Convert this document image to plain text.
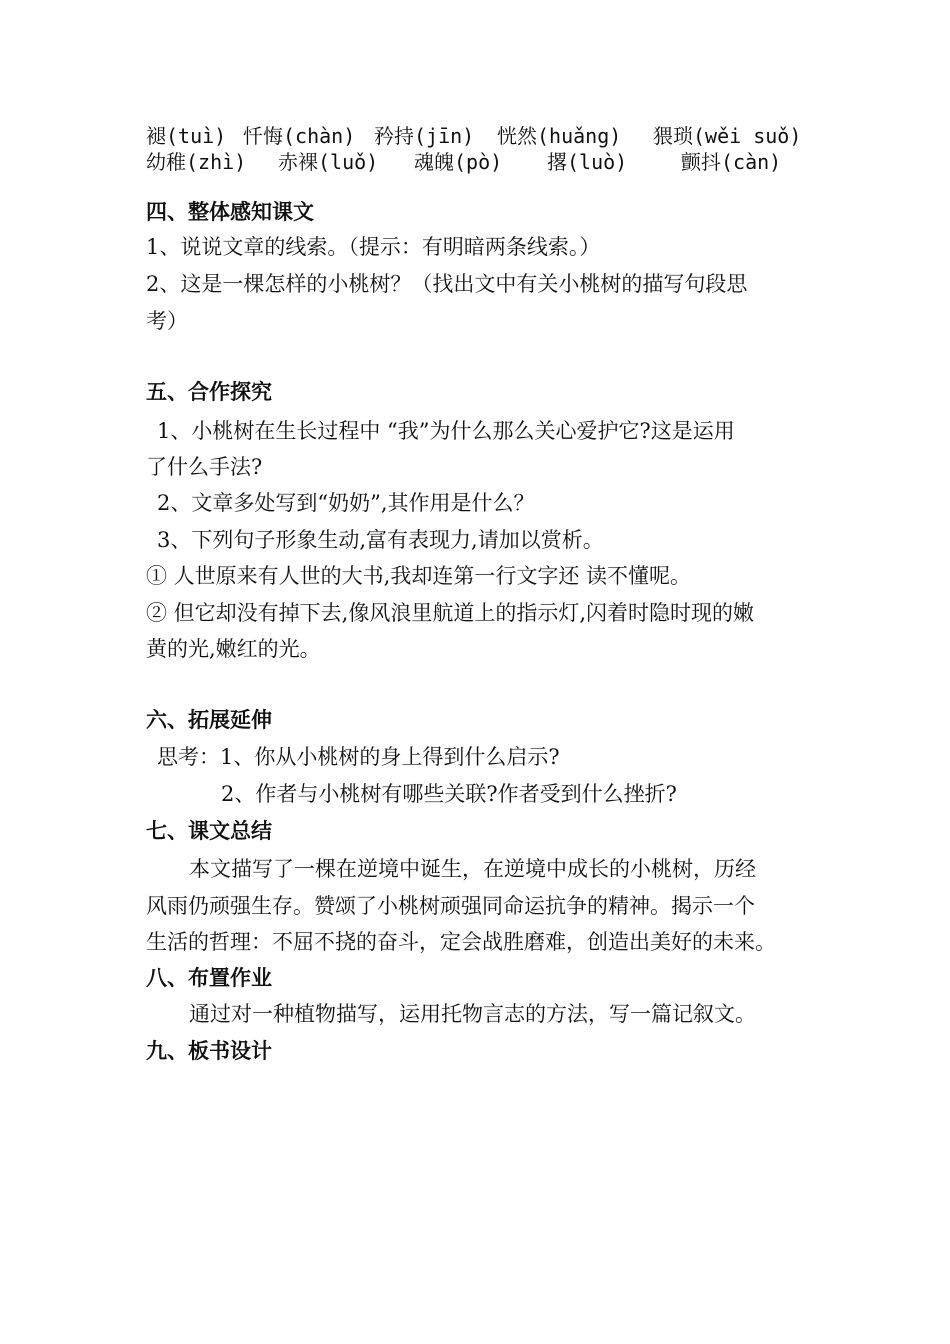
褪(tuì) 忏悔(chàn) 矜持(jīn) 恍然(huǎng) 猥琐(wěi suǒ)
幼稚(zhì) 赤裸(luǒ) 魂魄(pò) 撂(luò)	颤抖(càn)
四、整体感知课文
1、说说文章的线索。（提示：有明暗两条线索。）
2、这是一棵怎样的小桃树？（找出文中有关小桃树的描写句段思
考）
五、合作探究
1、小桃树在生长过程中 “我”为什么那么关心爱护它?这是运用
了什么手法?
2、文章多处写到“奶奶”,其作用是什么？
3、下列句子形象生动,富有表现力,请加以赏析。
① 人世原来有人世的大书,我却连第一行文字还 读不懂呢。
② 但它却没有掉下去,像风浪里航道上的指示灯,闪着时隐时现的嫩
黄的光,嫩红的光。
六、拓展延伸
思考：1、你从小桃树的身上得到什么启示?
2、作者与小桃树有哪些关联?作者受到什么挫折?
七、课文总结
本文描写了一棵在逆境中诞生，在逆境中成长的小桃树，历经
风雨仍顽强生存。赞颂了小桃树顽强同命运抗争的精神。揭示一个
生活的哲理：不屈不挠的奋斗，定会战胜磨难，创造出美好的未来。
八、布置作业
通过对一种植物描写，运用托物言志的方法，写一篇记叙文。
九、板书设计
